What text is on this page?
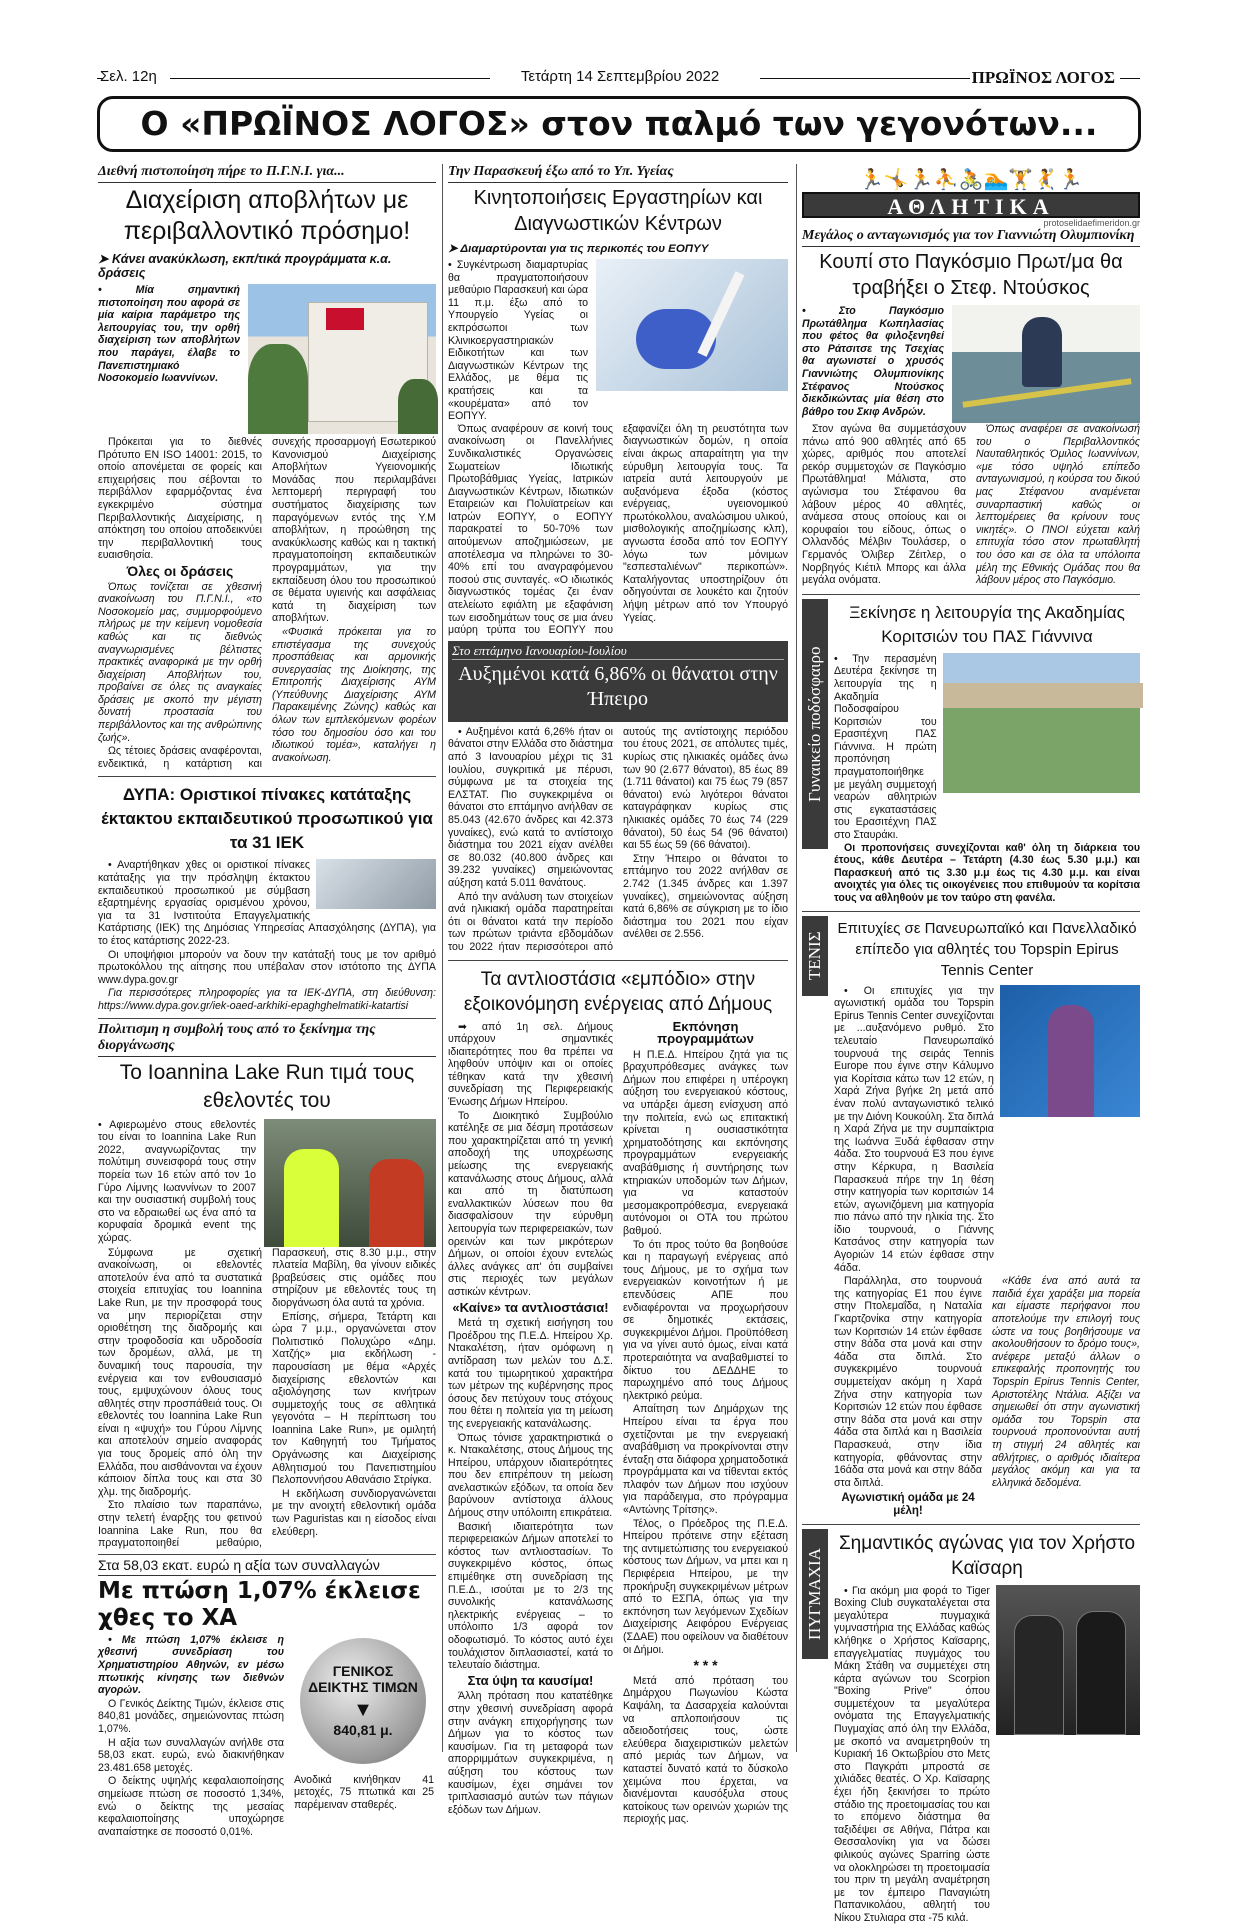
Σελ. 12η	Τετάρτη 14 Σεπτεμβρίου 2022	ΠΡΩΪΝΟΣ ΛΟΓΟΣ
Ο «ΠΡΩΪΝΟΣ ΛΟΓΟΣ» στον παλμό των γεγονότων...
Διεθνή πιστοποίηση πήρε το Π.Γ.Ν.Ι. για...
Διαχείριση αποβλήτων με περιβαλλοντικό πρόσημο!
➤ Κάνει ανακύκλωση, εκπ/τικά προγράμματα κ.α. δράσεις
• Μία σημαντική πιστοποίηση που αφορά σε μία καίρια παράμετρο της λειτουργίας του, την ορθή διαχείριση των αποβλήτων που παράγει, έλαβε το Πανεπιστημιακό Νοσοκομείο Ιωαννίνων.

Πρόκειται για το διεθνές Πρότυπο EN ISO 14001: 2015, το οποίο απονέμεται σε φορείς και επιχειρήσεις που σέβονται το περιβάλλον εφαρμόζοντας ένα εγκεκριμένο σύστημα Περιβαλλοντικής Διαχείρισης, η απόκτηση του οποίου αποδεικνύει την περιβαλλοντική τους ευαισθησία.

Όλες οι δράσεις

Όπως τονίζεται σε χθεσινή ανακοίνωση του Π.Γ.Ν.Ι., «το Νοσοκομείο μας, συμμορφούμενο πλήρως με την κείμενη νομοθεσία καθώς και τις διεθνώς αναγνωρισμένες βέλτιστες πρακτικές αναφορικά με την ορθή διαχείριση Αποβλήτων του, προβαίνει σε όλες τις αναγκαίες δράσεις με σκοπό την μέγιστη δυνατή προστασία του περιβάλλοντος και της ανθρώπινης ζωής».

Ως τέτοιες δράσεις αναφέρονται, ενδεικτικά, η κατάρτιση και συνεχής προσαρμογή Εσωτερικού Κανονισμού Διαχείρισης Αποβλήτων Υγειονομικής Μονάδας που περιλαμβάνει λεπτομερή περιγραφή του συστήματος διαχείρισης των παραγόμενων εντός της Υ.Μ αποβλήτων, η προώθηση της ανακύκλωσης καθώς και η τακτική πραγματοποίηση εκπαιδευτικών προγραμμάτων, για την εκπαίδευση όλου του προσωπικού σε θέματα υγιεινής και ασφάλειας κατά τη διαχείριση των αποβλήτων.

«Φυσικά πρόκειται για το επιστέγασμα της συνεχούς προσπάθειας και αρμονικής συνεργασίας της Διοίκησης, της Επιτροπής Διαχείρισης ΑΥΜ (Υπεύθυνης Διαχείρισης ΑΥΜ Παρακειμένης Ζώνης) καθώς και όλων των εμπλεκόμενων φορέων τόσο του δημοσίου όσο και του ιδιωτικού τομέα», καταλήγει η ανακοίνωση.

ΔΥΠΑ: Οριστικοί πίνακες κατάταξης έκτακτου εκπαιδευτικού προσωπικού για τα 31 ΙΕΚ

• Αναρτήθηκαν χθες οι οριστικοί πίνακες κατάταξης για την πρόσληψη έκτακτου εκπαιδευτικού προσωπικού με σύμβαση εξαρτημένης εργασίας ορισμένου χρόνου, για τα 31 Ινστιτούτα Επαγγελματικής Κατάρτισης (ΙΕΚ) της Δημόσιας Υπηρεσίας Απασχόλησης (ΔΥΠΑ), για το έτος κατάρτισης 2022-23.

Οι υποψήφιοι μπορούν να δουν την κατάταξή τους με τον αριθμό πρωτοκόλλου της αίτησης που υπέβαλαν στον ιστότοπο της ΔΥΠΑ www.dypa.gov.gr

Για περισσότερες πληροφορίες για τα ΙΕΚ-ΔΥΠΑ, στη διεύθυνση: https://www.dypa.gov.gr/iek-oaed-arkhiki-epaghghelmatiki-katartisi

Πολιτισμη η συμβολή τους από το ξεκίνημα της διοργάνωσης
Το Ioannina Lake Run τιμά τους εθελοντές του
• Αφιερωμένο στους εθελοντές του είναι το Ioannina Lake Run 2022, αναγνωρίζοντας την πολύτιμη συνεισφορά τους στην πορεία των 16 ετών από τον 1ο Γύρο Λίμνης Ιωαννίνων το 2007 και την ουσιαστική συμβολή τους στο να εδραιωθεί ως ένα από τα κορυφαία δρομικά event της χώρας.

Σύμφωνα με σχετική ανακοίνωση, οι εθελοντές αποτελούν ένα από τα συστατικά στοιχεία επιτυχίας του Ioannina Lake Run, με την προσφορά τους να μην περιορίζεται στην οριοθέτηση της διαδρομής και στην τροφοδοσία και υδροδοσία των δρομέων, αλλά, με τη δυναμική τους παρουσία, την ενέργεια και τον ενθουσιασμό τους, εμψυχώνουν όλους τους αθλητές στην προσπάθειά τους. Οι εθελοντές του Ioannina Lake Run είναι η «ψυχή» του Γύρου Λίμνης και αποτελούν σημείο αναφοράς για τους δρομείς από όλη την Ελλάδα, που αισθάνονται να έχουν κάποιον δίπλα τους και στα 30 χλμ. της διαδρομής.

Στο πλαίσιο των παραπάνω, στην τελετή έναρξης του φετινού Ioannina Lake Run, που θα πραγματοποιηθεί μεθαύριο, Παρασκευή, στις 8.30 μ.μ., στην πλατεία Μαβίλη, θα γίνουν ειδικές βραβεύσεις στις ομάδες που στηρίζουν με εθελοντές τους τη διοργάνωση όλα αυτά τα χρόνια.

Επίσης, σήμερα, Τετάρτη και ώρα 7 μ.μ., οργανώνεται στον Πολιτιστικό Πολυχώρο «Δημ. Χατζής» μια εκδήλωση - παρουσίαση με θέμα «Αρχές διαχείρισης εθελοντών και αξιολόγησης των κινήτρων συμμετοχής τους σε αθλητικά γεγονότα – Η περίπτωση του Ioannina Lake Run», με ομιλητή τον Καθηγητή του Τμήματος Οργάνωσης και Διαχείρισης Αθλητισμού του Πανεπιστημίου Πελοποννήσου Αθανάσιο Στρίγκα.

Η εκδήλωση συνδιοργανώνεται με την ανοιχτή εθελοντική ομάδα των Paguristas και η είσοδος είναι ελεύθερη.

Στα 58,03 εκατ. ευρώ η αξία των συναλλαγών
Με πτώση 1,07% έκλεισε χθες το ΧΑ

• Με πτώση 1,07% έκλεισε η χθεσινή συνεδρίαση του Χρηματιστηρίου Αθηνών, εν μέσω πτωτικής κίνησης των διεθνών αγορών.

Ο Γενικός Δείκτης Τιμών, έκλεισε στις 840,81 μονάδες, σημειώνοντας πτώση 1,07%.

Η αξία των συναλλαγών ανήλθε στα 58,03 εκατ. ευρώ, ενώ διακινήθηκαν 23.481.658 μετοχές.

Ο δείκτης υψηλής κεφαλαιοποίησης σημείωσε πτώση σε ποσοστό 1,34%, ενώ ο δείκτης της μεσαίας κεφαλαιοποίησης υποχώρησε αναπαίστηκε σε ποσοστό 0,01%.

ΓΕΝΙΚΟΣ
ΔΕΙΚΤΗΣ ΤΙΜΩΝ
▼
840,81 μ.
Ανοδικά κινήθηκαν 41 μετοχές, 75 πτωτικά και 25 παρέμειναν σταθερές.
Την Παρασκευή έξω από το Υπ. Υγείας
Κινητοποιήσεις Εργαστηρίων και Διαγνωστικών Κέντρων
➤ Διαμαρτύρονται για τις περικοπές του ΕΟΠΥΥ
• Συγκέντρωση διαμαρτυρίας θα πραγματοποιήσουν μεθαύριο Παρασκευή και ώρα 11 π.μ. έξω από το Υπουργείο Υγείας οι εκπρόσωποι των Κλινικοεργαστηριακών Ειδικοτήτων και των Διαγνωστικών Κέντρων της Ελλάδος, με θέμα τις κρατήσεις και τα «κουρέματα» από τον ΕΟΠΥΥ.

Όπως αναφέρουν σε κοινή τους ανακοίνωση οι Πανελλήνιες Συνδικαλιστικές Οργανώσεις Σωματείων Ιδιωτικής Πρωτοβάθμιας Υγείας, Ιατρικών Διαγνωστικών Κέντρων, Ιδιωτικών Εταιρειών και Πολυϊατρείων και Ιατρών ΕΟΠΥΥ, ο ΕΟΠΥΥ παρακρατεί το 50-70% των αιτούμενων αποζημιώσεων, με αποτέλεσμα να πληρώνει το 30-40% επί του αναγραφόμενου ποσού στις συνταγές. «Ο ιδιωτικός διαγνωστικός τομέας ζει έναν ατελείωτο εφιάλτη με εξαφάνιση των εισοδημάτων τους σε μια άνευ μαύρη τρύπα του ΕΟΠΥΥ που εξαφανίζει όλη τη ρευστότητα των διαγνωστικών δομών, η οποία είναι άκρως απαραίτητη για την εύρυθμη λειτουργία τους. Τα ιατρεία αυτά λειτουργούν με αυξανόμενα έξοδα (κόστος ενέργειας, υγειονομικού πρωτόκολλου, αναλώσιμου υλικού, μισθολογικής αποζημίωσης κλπ), αγνωστα έσοδα από τον ΕΟΠΥΥ λόγω των μόνιμων "εσπεσταλιένων" περικοπών». Καταλήγοντας υποστηρίζουν ότι οδηγούνται σε λουκέτο και ζητούν λήψη μέτρων από τον Υπουργό Υγείας.

Στο επτάμηνο Ιανουαρίου-Ιουλίου
Αυξημένοι κατά 6,86% οι θάνατοι στην Ήπειρο

• Αυξημένοι κατά 6,26% ήταν οι θάνατοι στην Ελλάδα στο διάστημα από 3 Ιανουαρίου μέχρι τις 31 Ιουλίου, συγκριτικά με πέρυσι, σύμφωνα με τα στοιχεία της ΕΛΣΤΑΤ. Πιο συγκεκριμένα οι θάνατοι στο επτάμηνο ανήλθαν σε 85.043 (42.670 άνδρες και 42.373 γυναίκες), ενώ κατά το αντίστοιχο διάστημα του 2021 είχαν ανέλθει σε 80.032 (40.800 άνδρες και 39.232 γυναίκες) σημειώνοντας αύξηση κατά 5.011 θανάτους.

Από την ανάλυση των στοιχείων ανά ηλικιακή ομάδα παρατηρείται ότι οι θάνατοι κατά την περίοδο των πρώτων τριάντα εβδομάδων του 2022 ήταν περισσότεροι από αυτούς της αντίστοιχης περιόδου του έτους 2021, σε απόλυτες τιμές, κυρίως στις ηλικιακές ομάδες άνω των 90 (2.677 θάνατοι), 85 έως 89 (1.711 θάνατοι) και 75 έως 79 (857 θάνατοι) ενώ λιγότεροι θάνατοι καταγράφηκαν κυρίως στις ηλικιακές ομάδες 70 έως 74 (229 θάνατοι), 50 έως 54 (96 θάνατοι) και 55 έως 59 (66 θάνατοι).

Στην Ήπειρο οι θάνατοι το επτάμηνο του 2022 ανήλθαν σε 2.742 (1.345 άνδρες και 1.397 γυναίκες), σημειώνοντας αύξηση κατά 6,86% σε σύγκριση με το ίδιο διάστημα του 2021 που είχαν ανέλθει σε 2.556.

Τα αντλιοστάσια «εμπόδιο» στην εξοικονόμηση ενέργειας από Δήμους

➡ από 1η σελ. Δήμους υπάρχουν σημαντικές ιδιαιτερότητες που θα πρέπει να ληφθούν υπόψιν και οι οποίες τέθηκαν κατά την χθεσινή συνεδρίαση της Περιφερειακής Ένωσης Δήμων Ηπείρου.

Το Διοικητικό Συμβούλιο κατέληξε σε μια δέσμη προτάσεων που χαρακτηρίζεται από τη γενική αποδοχή της υποχρέωσης μείωσης της ενεργειακής κατανάλωσης στους Δήμους, αλλά και από τη διατύπωση εναλλακτικών λύσεων που θα διασφαλίσουν την εύρυθμη λειτουργία των περιφερειακών, των ορεινών και των μικρότερων Δήμων, οι οποίοι έχουν εντελώς άλλες ανάγκες απ' ότι συμβαίνει στις περιοχές των μεγάλων αστικών κέντρων.

«Καίνε» τα αντλιοστάσια!

Μετά τη σχετική εισήγηση του Προέδρου της Π.Ε.Δ. Ηπείρου Χρ. Ντακαλέτση, ήταν ομόφωνη η αντίδραση των μελών του Δ.Σ. κατά του τιμωρητικού χαρακτήρα των μέτρων της κυβέρνησης προς όσους δεν πετύχουν τους στόχους που θέτει η πολιτεία για τη μείωση της ενεργειακής κατανάλωσης.

Όπως τόνισε χαρακτηριστικά ο κ. Ντακαλέτσης, στους Δήμους της Ηπείρου, υπάρχουν ιδιαιτερότητες που δεν επιτρέπουν τη μείωση ανελαστικών εξόδων, τα οποία δεν βαρύνουν αντίστοιχα άλλους Δήμους στην υπόλοιπη επικράτεια.

Βασική ιδιαιτερότητα των περιφερειακών Δήμων αποτελεί το κόστος των αντλιοστασίων. Το συγκεκριμένο κόστος, όπως επιμέθηκε στη συνεδρίαση της Π.Ε.Δ., ισούται με το 2/3 της συνολικής κατανάλωσης ηλεκτρικής ενέργειας – το υπόλοιπο 1/3 αφορά τον οδοφωτισμό. Το κόστος αυτό έχει τουλάχιστον διπλασιαστεί, κατά το τελευταίο διάστημα.

Στα ύψη τα καυσίμα!

Άλλη πρόταση που κατατέθηκε στην χθεσινή συνεδρίαση αφορά στην ανάγκη επιχορήγησης των Δήμων για το κόστος των καυσίμων. Για τη μεταφορά των απορριμμάτων συγκεκριμένα, η αύξηση του κόστους των καυσίμων, έχει σημάνει τον τριπλασιασμό αυτών των πάγιων εξόδων των Δήμων.

Εκπόνηση προγραμμάτων

Η Π.Ε.Δ. Ηπείρου ζητά για τις βραχυπρόθεσμες ανάγκες των Δήμων που επιφέρει η υπέρογκη αύξηση του ενεργειακού κόστους, να υπάρξει άμεση ενίσχυση από την πολιτεία, ενώ ως επιτακτική κρίνεται η ουσιαστικότητα χρηματοδότησης και εκπόνησης προγραμμάτων ενεργειακής αναβάθμισης ή συντήρησης των κτηριακών υποδομών των Δήμων, για να καταστούν μεσομακροπρόθεσμα, ενεργειακά αυτόνομοι οι ΟΤΑ του πρώτου βαθμού.

Το ότι προς τούτο θα βοηθούσε και η παραγωγή ενέργειας από τους Δήμους, με το σχήμα των ενεργειακών κοινοτήτων ή με επενδύσεις ΑΠΕ που ενδιαφέρονται να προχωρήσουν σε δημοτικές εκτάσεις, συγκεκριμένοι Δήμοι. Προϋπόθεση για να γίνει αυτό όμως, είναι κατά προτεραιότητα να αναβαθμιστεί το δίκτυο του ΔΕΔΔΗΕ το παρωχημένο από τους Δήμους ηλεκτρικό ρεύμα.

Απαίτηση των Δημάρχων της Ηπείρου είναι τα έργα που σχετίζονται με την ενεργειακή αναβάθμιση να προκρίνονται στην ένταξη στα διάφορα χρηματοδοτικά προγράμματα και να τίθενται εκτός πλαφόν των Δήμων που ισχύουν για παράδειγμα, στο πρόγραμμα «Αντώνης Τρίτσης».

Τέλος, ο Πρόεδρος της Π.Ε.Δ. Ηπείρου πρότεινε στην εξέταση της αντιμετώπισης του ενεργειακού κόστους των Δήμων, να μπει και η Περιφέρεια Ηπείρου, με την προκήρυξη συγκεκριμένων μέτρων από το ΕΣΠΑ, όπως για την εκπόνηση των λεγόμενων Σχεδίων Διαχείρισης Αειφόρου Ενέργειας (ΣΔΑΕ) που οφείλουν να διαθέτουν οι Δήμοι.

* * *

Μετά από πρόταση του Δημάρχου Πωγωνίου Κώστα Καψάλη, τα Δασαρχεία καλούνται να απλοποιήσουν τις αδειοδοτήσεις τους, ώστε ελεύθερα διαχειριστικών μελετών από μεριάς των Δήμων, να καταστεί δυνατό κατά το δύσκολο χειμώνα που έρχεται, να διανέμονται καυσόξυλα στους κατοίκους των ορεινών χωριών της περιοχής μας.

🏃🤸🏃⛹🚴🏊🏋🤾🏃
ΑΘΛΗΤΙΚΑ
protoselidaefimeridon.gr
Μεγάλος ο ανταγωνισμός για τον Γιαννιώτη Ολυμπιονίκη
Κουπί στο Παγκόσμιο Πρωτ/μα θα τραβήξει ο Στεφ. Ντούσκος
• Στο Παγκόσμιο Πρωτάθλημα Κωπηλασίας που φέτος θα φιλοξενηθεί στο Ράτσιτσε της Τσεχίας θα αγωνιστεί ο χρυσός Γιαννιώτης Ολυμπιονίκης Στέφανος Ντούσκος διεκδικώντας μία θέση στο βάθρο του Σκιφ Ανδρών.

Στον αγώνα θα συμμετάσχουν πάνω από 900 αθλητές από 65 χώρες, αριθμός που αποτελεί ρεκόρ συμμετοχών σε Παγκόσμιο Πρωτάθλημα! Μάλιστα, στο αγώνισμα του Στέφανου θα λάβουν μέρος 40 αθλητές, ανάμεσα στους οποίους και οι κορυφαίοι του είδους, όπως ο Ολλανδός Μέλβιν Τουλάσερ, ο Γερμανός Όλιβερ Ζέιτλερ, ο Νορβηγός Κιέτιλ Μπορς και άλλα μεγάλα ονόματα.

Όπως αναφέρει σε ανακοίνωσή του ο Περιβαλλοντικός Ναυταθλητικός Όμιλος Ιωαννίνων, «με τόσο υψηλό επίπεδο ανταγωνισμού, η κούρσα του δικού μας Στέφανου αναμένεται συναρπαστική καθώς οι λεπτομέρειες θα κρίνουν τους νικητές». Ο ΠΝΟΙ εύχεται καλή επιτυχία τόσο στον πρωταθλητή του όσο και σε όλα τα υπόλοιπα μέλη της Εθνικής Ομάδας που θα λάβουν μέρος στο Παγκόσμιο.

Γυναικείο ποδόσφαιρο
Ξεκίνησε η λειτουργία της Ακαδημίας Κοριτσιών του ΠΑΣ Γιάννινα
• Την περασμένη Δευτέρα ξεκίνησε τη λειτουργία της η Ακαδημία Ποδοσφαίρου Κοριτσιών του Ερασιτέχνη ΠΑΣ Γιάννινα. Η πρώτη προπόνηση πραγματοποιήθηκε με μεγάλη συμμετοχή νεαρών αθλητριών στις εγκαταστάσεις του Ερασιτέχνη ΠΑΣ στο Σταυράκι.

Οι προπονήσεις συνεχίζονται καθ' όλη τη διάρκεια του έτους, κάθε Δευτέρα – Τετάρτη (4.30 έως 5.30 μ.μ.) και Παρασκευή από τις 3.30 μ.μ έως τις 4.30 μ.μ. και είναι ανοιχτές για όλες τις οικογένειες που επιθυμούν τα κορίτσια τους να αθληθούν με τον ταύρο στη φανέλα.

ΤΕΝΙΣ
Επιτυχίες σε Πανευρωπαϊκό και Πανελλαδικό επίπεδο για αθλητές του Topspin Epirus Tennis Center

• Οι επιτυχίες για την αγωνιστική ομάδα του Topspin Epirus Tennis Center συνεχίζονται με ...αυξανόμενο ρυθμό. Στο τελευταίο Πανευρωπαϊκό τουρνουά της σειράς Tennis Europe που έγινε στην Κάλυμνο για Κορίτσια κάτω των 12 ετών, η Χαρά Ζήνα βγήκε 2η μετά από έναν πολύ ανταγωνιστικό τελικό με την Διόνη Κουκούλη. Στα διπλά η Χαρά Ζήνα με την συμπαίκτρια της Ιωάννα Ξυδά έφθασαν στην 4άδα. Στο τουρνουά Ε3 που έγινε στην Κέρκυρα, η Βασιλεία Παρασκευά πήρε την 1η θέση στην κατηγορία των κοριτσιών 14 ετών, αγωνιζόμενη μια κατηγορία πιο πάνω από την ηλικία της. Στο ίδιο τουρνουά, ο Γιάννης Κατσάνος στην κατηγορία των Αγοριών 14 ετών έφθασε στην 4άδα.

Παράλληλα, στο τουρνουά της κατηγορίας Ε1 που έγινε στην Πτολεμαΐδα, η Ναταλία Γκαρτζονίκα στην κατηγορία των Κοριτσιών 14 ετών έφθασε στην 8άδα στα μονά και στην 4άδα στα διπλά. Στο συγκεκριμένο τουρνουά συμμετείχαν ακόμη η Χαρά Ζήνα στην κατηγορία των Κοριτσιών 12 ετών που έφθασε στην 8άδα στα μονά και στην 4άδα στα διπλά και η Βασιλεία Παρασκευά, στην ίδια κατηγορία, φθάνοντας στην 16άδα στα μονά και στην 8άδα στα διπλά.

Αγωνιστική ομάδα με 24 μέλη!

«Κάθε ένα από αυτά τα παιδιά έχει χαράξει μια πορεία και είμαστε περήφανοι που αποτελούμε την επιλογή τους ώστε να τους βοηθήσουμε να ακολουθήσουν το δρόμο τους», ανέφερε μεταξύ άλλων ο επικεφαλής προπονητής του Topspin Epirus Tennis Center, Αριστοτέλης Ντάλια. Αξίζει να σημειωθεί ότι στην αγωνιστική ομάδα του Topspin στα τουρνουά προπονούνται αυτή τη στιγμή 24 αθλητές και αθλήτριες, ο αριθμός ιδιαίτερα μεγάλος ακόμη και για τα ελληνικά δεδομένα.

ΠΥΓΜΑΧΙΑ
Σημαντικός αγώνας για τον Χρήστο Καϊσαρη

• Για ακόμη μια φορά το Tiger Boxing Club συγκαταλέγεται στα μεγαλύτερα πυγμαχικά γυμναστήρια της Ελλάδας καθώς κλήθηκε ο Χρήστος Καϊσαρης, επαγγελματίας πυγμάχος του Μάκη Στάθη να συμμετέχει στη κάρτα αγώνων του Scorpion "Boxing Prive" όπου συμμετέχουν τα μεγαλύτερα ονόματα της Επαγγελματικής Πυγμαχίας από όλη την Ελλάδα, με σκοπό να αναμετρηθούν τη Κυριακή 16 Οκτωβρίου στο Μετς στο Παγκράτι μπροστά σε χιλιάδες θεατές. Ο Χρ. Καϊσαρης έχει ήδη ξεκινήσει το πρώτο στάδιο της προετοιμασίας του και το επόμενο διάστημα θα ταξιδέψει σε Αθήνα, Πάτρα και Θεσσαλονίκη για να δώσει φιλικούς αγώνες Sparring ώστε να ολοκληρώσει τη προετοιμασία του πριν τη μεγάλη αναμέτρηση με τον έμπειρο Παναγιώτη Παπανικολάου, αθλητή του Νίκου Στυλιαρα στα -75 κιλά.
